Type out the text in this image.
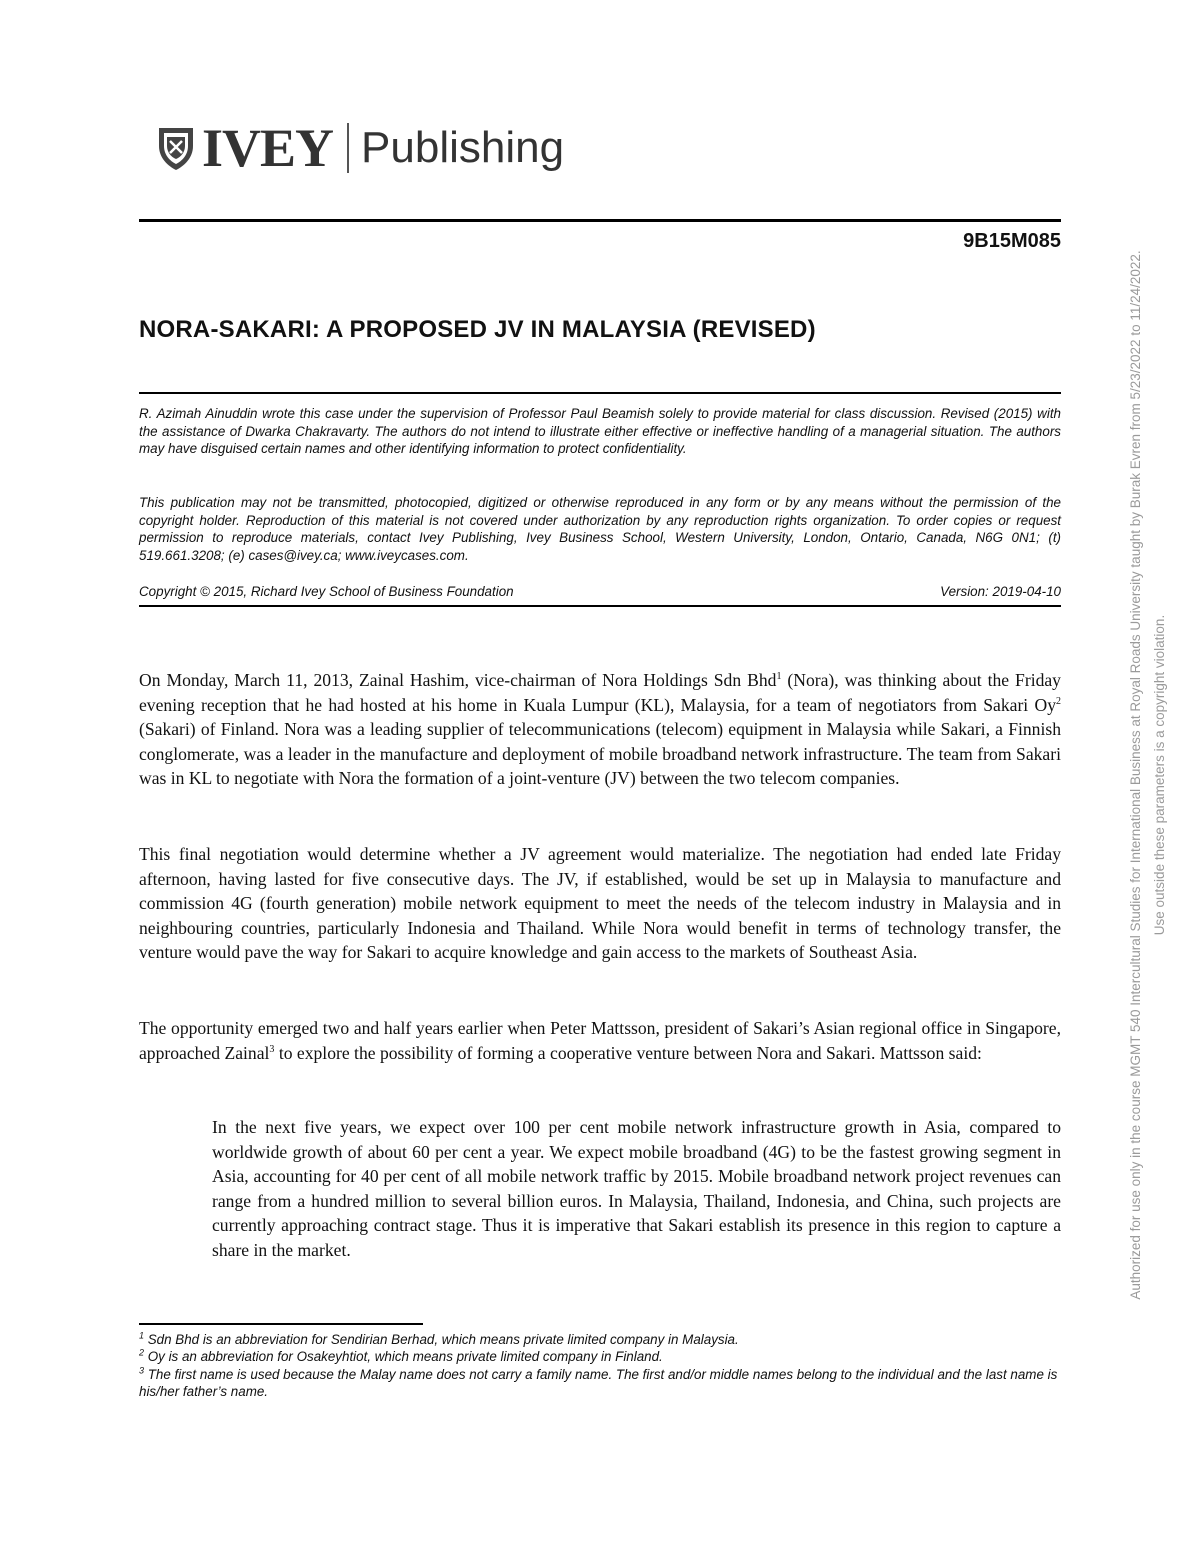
IVEY Publishing
9B15M085
NORA-SAKARI: A PROPOSED JV IN MALAYSIA (REVISED)

R. Azimah Ainuddin wrote this case under the supervision of Professor Paul Beamish solely to provide material for class discussion. Revised (2015) with the assistance of Dwarka Chakravarty. The authors do not intend to illustrate either effective or ineffective handling of a managerial situation. The authors may have disguised certain names and other identifying information to protect confidentiality.

This publication may not be transmitted, photocopied, digitized or otherwise reproduced in any form or by any means without the permission of the copyright holder. Reproduction of this material is not covered under authorization by any reproduction rights organization. To order copies or request permission to reproduce materials, contact Ivey Publishing, Ivey Business School, Western University, London, Ontario, Canada, N6G 0N1; (t) 519.661.3208; (e) cases@ivey.ca; www.iveycases.com.

Copyright © 2015, Richard Ivey School of Business Foundation	Version: 2019-04-10

On Monday, March 11, 2013, Zainal Hashim, vice-chairman of Nora Holdings Sdn Bhd$^1$ (Nora), was thinking about the Friday evening reception that he had hosted at his home in Kuala Lumpur (KL), Malaysia, for a team of negotiators from Sakari Oy$^2$ (Sakari) of Finland. Nora was a leading supplier of telecommunications (telecom) equipment in Malaysia while Sakari, a Finnish conglomerate, was a leader in the manufacture and deployment of mobile broadband network infrastructure. The team from Sakari was in KL to negotiate with Nora the formation of a joint-venture (JV) between the two telecom companies.

This final negotiation would determine whether a JV agreement would materialize. The negotiation had ended late Friday afternoon, having lasted for five consecutive days. The JV, if established, would be set up in Malaysia to manufacture and commission 4G (fourth generation) mobile network equipment to meet the needs of the telecom industry in Malaysia and in neighbouring countries, particularly Indonesia and Thailand. While Nora would benefit in terms of technology transfer, the venture would pave the way for Sakari to acquire knowledge and gain access to the markets of Southeast Asia.

The opportunity emerged two and half years earlier when Peter Mattsson, president of Sakari’s Asian regional office in Singapore, approached Zainal$^3$ to explore the possibility of forming a cooperative venture between Nora and Sakari. Mattsson said:

In the next five years, we expect over 100 per cent mobile network infrastructure growth in Asia, compared to worldwide growth of about 60 per cent a year. We expect mobile broadband (4G) to be the fastest growing segment in Asia, accounting for 40 per cent of all mobile network traffic by 2015. Mobile broadband network project revenues can range from a hundred million to several billion euros. In Malaysia, Thailand, Indonesia, and China, such projects are currently approaching contract stage. Thus it is imperative that Sakari establish its presence in this region to capture a share in the market.

$^1$ Sdn Bhd is an abbreviation for Sendirian Berhad, which means private limited company in Malaysia.

$^2$ Oy is an abbreviation for Osakeyhtiot, which means private limited company in Finland.

$^3$ The first name is used because the Malay name does not carry a family name. The first and/or middle names belong to the individual and the last name is his/her father’s name.

Authorized for use only in the course MGMT 540 Intercultural Studies for International Business at Royal Roads University taught by Burak Evren from 5/23/2022 to 11/24/2022. Use outside these parameters is a copyright violation.
